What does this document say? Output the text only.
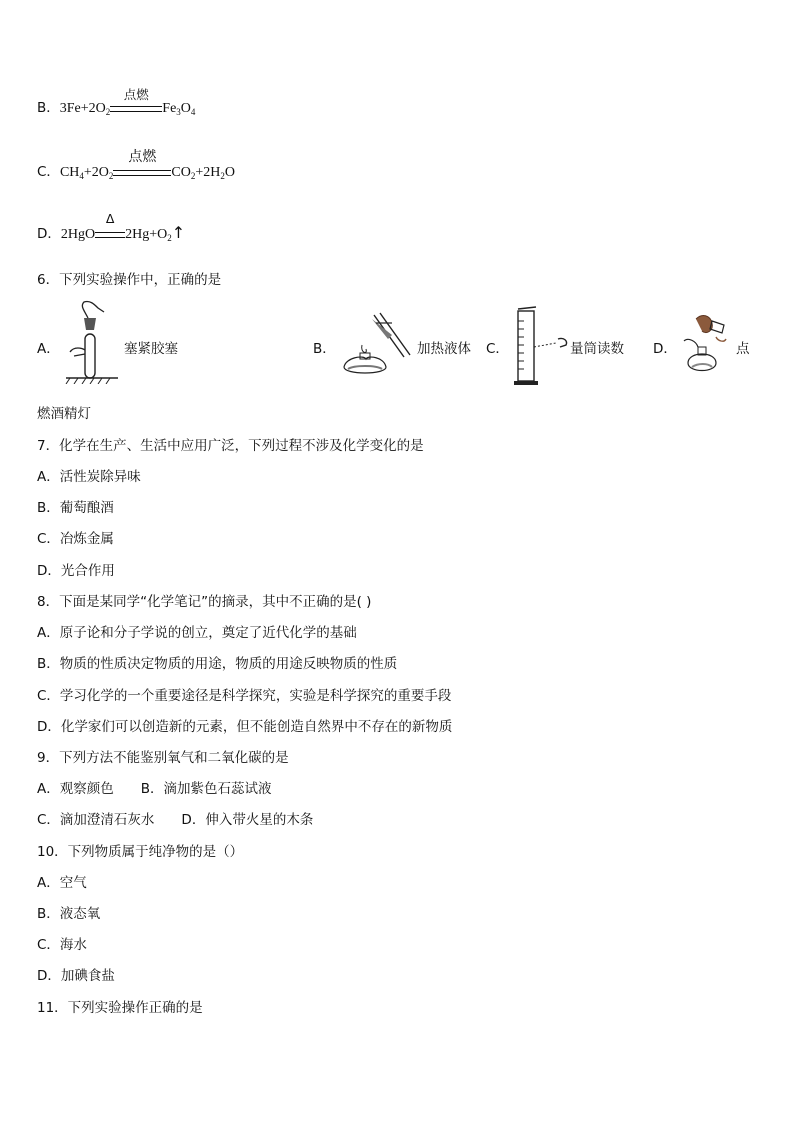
B．$3Fe+2O_2$
点燃
$Fe_3O_4$
C．$CH_4+2O_2$
点燃
$CO_2+2H_2O$
D．2HgO
Δ
$2Hg+O_2↑$
6．下列实验操作中，正确的是
A．	塞紧胶塞	B．	加热液体 C．	量筒读数 D．	点
燃酒精灯
7．化学在生产、生活中应用广泛，下列过程不涉及化学变化的是
A．活性炭除异味
B．葡萄酿酒
C．冶炼金属
D．光合作用
8．下面是某同学“化学笔记”的摘录，其中不正确的是( )
A．原子论和分子学说的创立，奠定了近代化学的基础
B．物质的性质决定物质的用途，物质的用途反映物质的性质
C．学习化学的一个重要途径是科学探究，实验是科学探究的重要手段
D．化学家们可以创造新的元素，但不能创造自然界中不存在的新物质
9．下列方法不能鉴别氧气和二氧化碳的是
A．观察颜色　　B．滴加紫色石蕊试液
C．滴加澄清石灰水　　D．伸入带火星的木条
10．下列物质属于纯净物的是（）
A．空气
B．液态氧
C．海水
D．加碘食盐
11．下列实验操作正确的是
